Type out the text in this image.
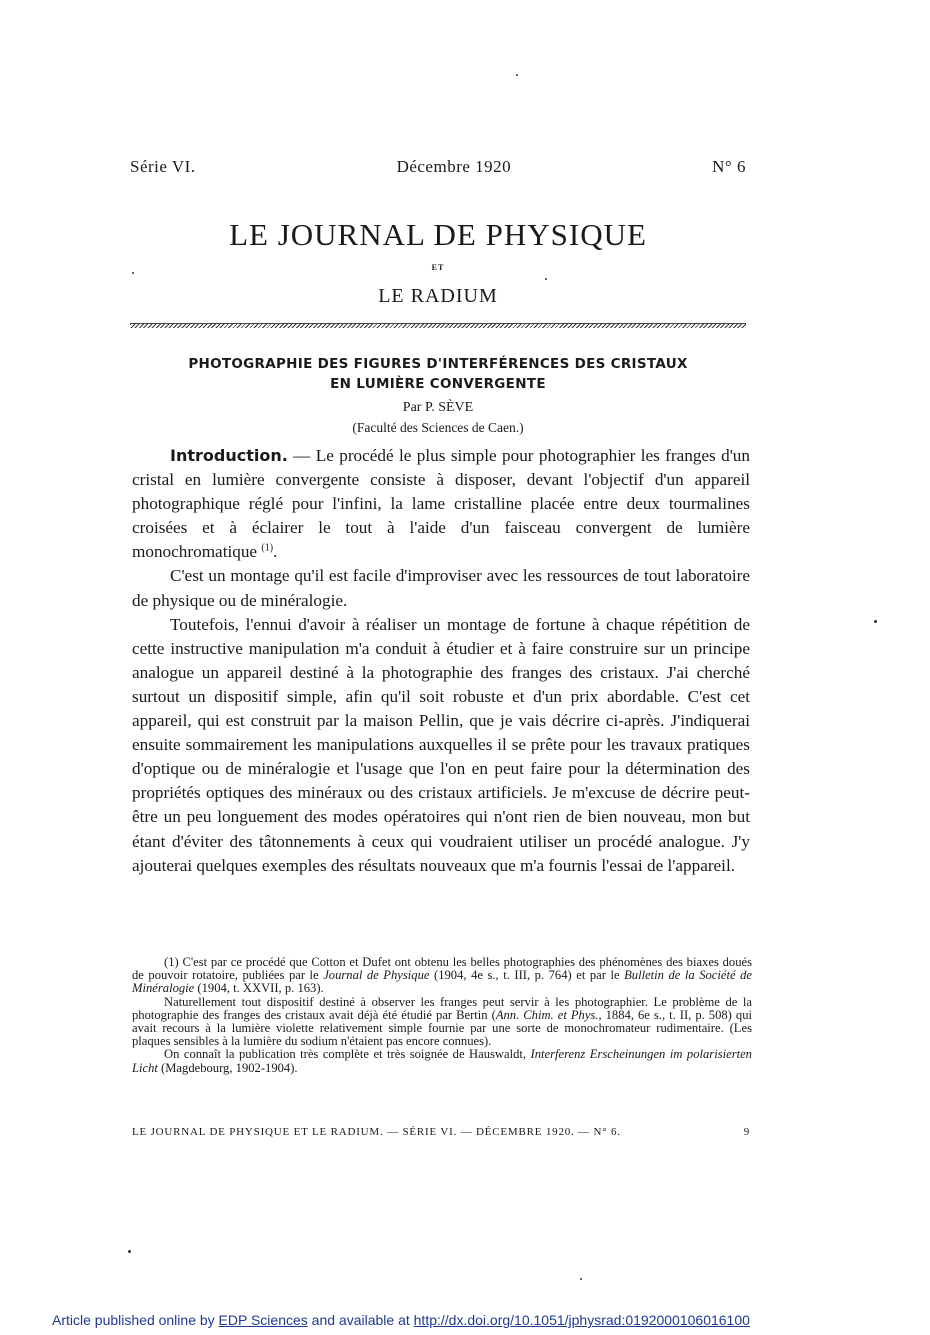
Série VI.	Décembre 1920	N° 6
LE JOURNAL DE PHYSIQUE
ET
LE RADIUM
PHOTOGRAPHIE DES FIGURES D'INTERFÉRENCES DES CRISTAUX
EN LUMIÈRE CONVERGENTE
Par P. SÈVE
(Faculté des Sciences de Caen.)

Introduction. — Le procédé le plus simple pour photographier les franges d'un cristal en lumière convergente consiste à disposer, devant l'objectif d'un appareil photographique réglé pour l'infini, la lame cristalline placée entre deux tourmalines croisées et à éclairer le tout à l'aide d'un faisceau convergent de lumière monochromatique $^{(1)}$.

C'est un montage qu'il est facile d'improviser avec les ressources de tout laboratoire de physique ou de minéralogie.

Toutefois, l'ennui d'avoir à réaliser un montage de fortune à chaque répétition de cette instructive manipulation m'a conduit à étudier et à faire construire sur un principe analogue un appareil destiné à la photographie des franges des cristaux. J'ai cherché surtout un dispositif simple, afin qu'il soit robuste et d'un prix abordable. C'est cet appareil, qui est construit par la maison Pellin, que je vais décrire ci-après. J'indiquerai ensuite sommairement les manipulations auxquelles il se prête pour les travaux pratiques d'optique ou de minéralogie et l'usage que l'on en peut faire pour la détermination des propriétés optiques des minéraux ou des cristaux artificiels. Je m'excuse de décrire peut-être un peu longuement des modes opératoires qui n'ont rien de bien nouveau, mon but étant d'éviter des tâtonnements à ceux qui voudraient utiliser un procédé analogue. J'y ajouterai quelques exemples des résultats nouveaux que m'a fournis l'essai de l'appareil.

(1) C'est par ce procédé que Cotton et Dufet ont obtenu les belles photographies des phénomènes des biaxes doués de pouvoir rotatoire, publiées par le Journal de Physique (1904, 4e s., t. III, p. 764) et par le Bulletin de la Société de Minéralogie (1904, t. XXVII, p. 163).

Naturellement tout dispositif destiné à observer les franges peut servir à les photographier. Le problème de la photographie des franges des cristaux avait déjà été étudié par Bertin (Ann. Chim. et Phys., 1884, 6e s., t. II, p. 508) qui avait recours à la lumière violette relativement simple fournie par une sorte de monochromateur rudimentaire. (Les plaques sensibles à la lumière du sodium n'étaient pas encore connues).

On connaît la publication très complète et très soignée de Hauswaldt, Interferenz Erscheinungen im polarisierten Licht (Magdebourg, 1902-1904).

LE JOURNAL DE PHYSIQUE ET LE RADIUM. — SÉRIE VI. — DÉCEMBRE 1920. — N° 6.	9
Article published online by EDP Sciences and available at http://dx.doi.org/10.1051/jphysrad:0192000106016100
